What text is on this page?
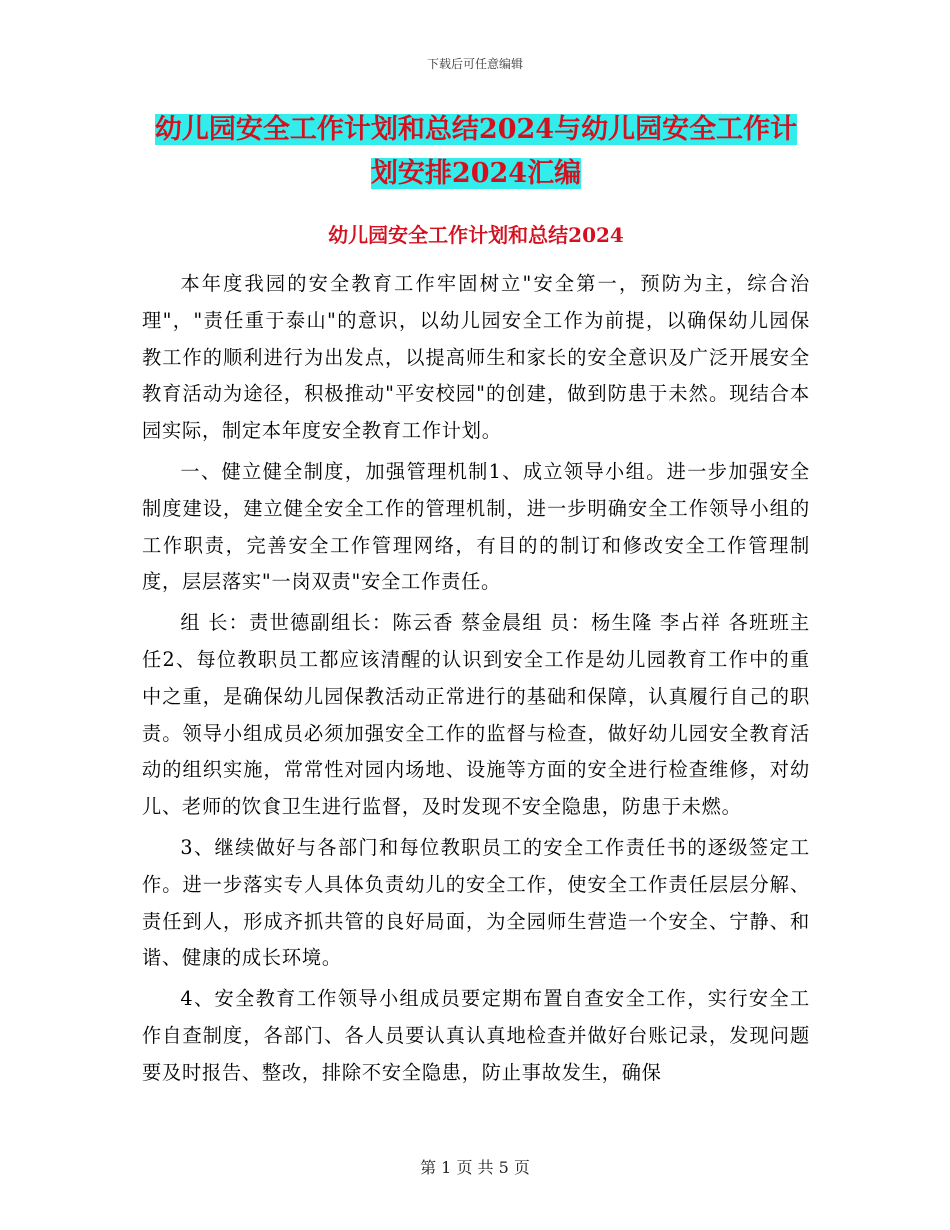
下载后可任意编辑
幼儿园安全工作计划和总结2024与幼儿园安全工作计
划安排2024汇编
幼儿园安全工作计划和总结2024

本年度我园的安全教育工作牢固树立"安全第一，预防为主，综合治理"，"责任重于泰山"的意识，以幼儿园安全工作为前提，以确保幼儿园保教工作的顺利进行为出发点，以提高师生和家长的安全意识及广泛开展安全教育活动为途径，积极推动"平安校园"的创建，做到防患于未然。现结合本园实际，制定本年度安全教育工作计划。

一、健立健全制度，加强管理机制1、成立领导小组。进一步加强安全制度建设，建立健全安全工作的管理机制，进一步明确安全工作领导小组的工作职责，完善安全工作管理网络，有目的的制订和修改安全工作管理制度，层层落实"一岗双责"安全工作责任。

组 长：责世德副组长：陈云香 蔡金晨组 员：杨生隆 李占祥 各班班主任2、每位教职员工都应该清醒的认识到安全工作是幼儿园教育工作中的重中之重，是确保幼儿园保教活动正常进行的基础和保障，认真履行自己的职责。领导小组成员必须加强安全工作的监督与检查，做好幼儿园安全教育活动的组织实施，常常性对园内场地、设施等方面的安全进行检查维修，对幼儿、老师的饮食卫生进行监督，及时发现不安全隐患，防患于未燃。

3、继续做好与各部门和每位教职员工的安全工作责任书的逐级签定工作。进一步落实专人具体负责幼儿的安全工作，使安全工作责任层层分解、责任到人，形成齐抓共管的良好局面，为全园师生营造一个安全、宁静、和谐、健康的成长环境。

4、安全教育工作领导小组成员要定期布置自查安全工作，实行安全工作自查制度，各部门、各人员要认真认真地检查并做好台账记录，发现问题要及时报告、整改，排除不安全隐患，防止事故发生，确保

第 1 页 共 5 页
